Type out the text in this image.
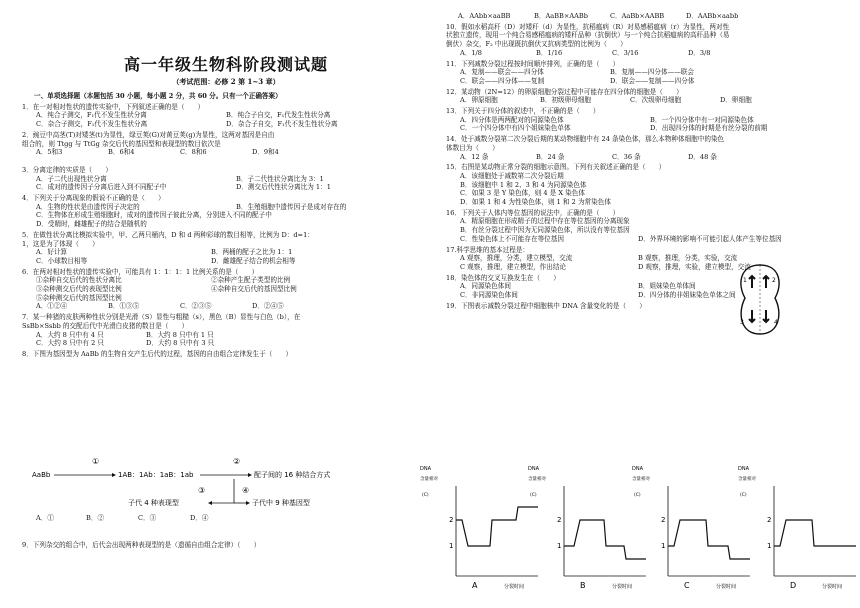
高一年级生物科阶段测试题
（考试范围：必修 2 第 1~3 章）
一、单项选择题（本题包括 30 小题，每小题 2 分，共 60 分。只有一个正确答案）
1．在一对相对性状的遗传实验中，下列叙述正确的是（　　）
A．纯合子测交，F₁代不发生性状分离	B．纯合子自交，F₁代发生性状分离
C．杂合子测交，F₁代不发生性状分离	D．杂合子自交，F₁代不发生性状分离
2．豌豆中高茎(T)对矮茎(t)为显性，绿豆荚(G)对黄豆荚(g)为显性，这两对基因是自由
组合的，则 Ttgg 与 TtGg 杂交后代的基因型和表现型的数目依次是
A．5和3	B．6和4	C．8和6	D．9和4
3．分离定律的实质是（　　）
A．子二代出现性状分离	B．子二代性状分离比为 3：1
C．成对的遗传因子分离后进入到不同配子中	D．测交后代性状分离比为 1：1
4．下列关于分离现象的假说不正确的是（　　）
A．生物的性状是由遗传因子决定的	B．生殖细胞中遗传因子是成对存在的
C．生物体在形成生殖细胞时，成对的遗传因子彼此分离，分别进入不同的配子中
D．受精时，雌雄配子的结合是随机的
5．在做性状分离比模拟实验中，甲、乙两只桶内，D 和 d 两种彩球的数目相等，比例为 D：d=1：
1，这是为了体现（　　）
A．好计算	B．两桶的配子之比为 1：1
C．小球数目相等	D．雌雄配子结合的机会相等
6．在两对相对性状的遗传实验中，可能具有 1：1：1：1 比例关系的是（　　）
①杂种自交后代的性状分离比	②杂种产生配子类型的比例
③杂种测交后代的表现型比例	④杂种自交后代的基因型比例
⑤杂种测交后代的基因型比例
A．①②④	B．①③⑤	C．②③⑤	D．②④⑤
7．某一种猪的皮肤两种性状分别是光滑（S）显性与粗糙（s），黑色（B）显性与白色（b），在
SsBb×Ssbb 的交配后代中光滑白皮猪的数目是（　　）
A．大约 8 只中有 4 只	B．大约 8 只中有 1 只
C．大约 8 只中有 2 只	D．大约 8 只中有 3 只
8．下图为基因型为 AaBb 的生物自交产生后代的过程，基因的自由组合定律发生于（　　）
①	②
AaBb	1AB：1Ab：1aB：1ab	配子间的 16 种结合方式
③	④
子代 4 种表现型	子代中 9 种基因型
A．①	B．②	C．③	D．④
9．下列杂交的组合中，后代会出现两种表现型的是（遗循自由组合定律）（　　）
A．AAbb×aaBB	B．AaBB×AABb	C．AaBb×AABB	D．AABb×aabb
10．假如水稻高秆（D）对矮秆（d）为显性，抗稻瘟病（R）对易感稻瘟病（r）为显性，两对性
状独立遗传，现用一个纯合易感稻瘟病的矮秆品种（抗倒伏）与一个纯合抗稻瘟病的高秆品种（易
倒伏）杂交，F₂ 中出现既抗倒伏又抗病类型的比例为（　　）
A．1/8	B．1/16	C．3/16	D．3/8
11．下列减数分裂过程按时间顺序排列，正确的是（　　）
A．复制——联会——四分体	B．复制——四分体——联会
C．联会——四分体——复制	D．联会——复制——四分体
12．某动物（2N=12）的卵原细胞分裂过程中可能存在四分体的细胞是（　　）
A．卵原细胞	B．初级卵母细胞	C．次级卵母细胞	D．卵细胞
13．下列关于四分体的叙述中，不正确的是（　　）
A．四分体是两两配对的同源染色体	B．一个四分体中有一对同源染色体
C．一个四分体中有四个姐妹染色单体	D．出现四分体的时期是有丝分裂的前期
14．处于减数分裂第二次分裂后期的某动物细胞中有 24 条染色体，那么本物种体细胞中的染色
体数目为（　　）
A．12 条	B．24 条	C．36 条	D．48 条
15．右图是某动物正常分裂的细胞示意图。下列有关叙述正确的是（　　）
A．该细胞处于减数第二次分裂后期
B．该细胞中 1 和 2、3 和 4 为同源染色体
C．如果 3 是 Y 染色体，则 4 是 X 染色体
D．如果 1 和 4 为性染色体，则 1 和 2 为常染色体
16．下列关于人体内等位基因的说法中，正确的是（　　）
A．精原细胞在形成精子的过程中存在等位基因的分离现象
B．有丝分裂过程中因为无同源染色体，所以没有等位基因
C．性染色体上不可能存在等位基因	D．外界环境的影响不可能引起人体产生等位基因
17.科学思维的基本过程是：
A 观察，推理，分类，建立模型，交流	B 观察，推理，分类，实验，交流
C 观察，推理，建立模型，作出结论	D 观察，推理，实验，建立模型，交流
18．染色体的交叉互换发生在（　　）
A．同源染色体间	B．姐妹染色单体间
C．非同源染色体间	D．四分体的非姐妹染色单体之间
19．下图表示减数分裂过程中细胞核中 DNA 含量变化的是（　　）
1	2
3	4
DNA
含量相对
(C)
2
1
A	分裂时间
DNA
含量相对
(C)
2
1
B	分裂时间
DNA
含量相对
(C)
2
1
C	分裂时间
DNA
含量相对
(C)
2
1
D	分裂时间
